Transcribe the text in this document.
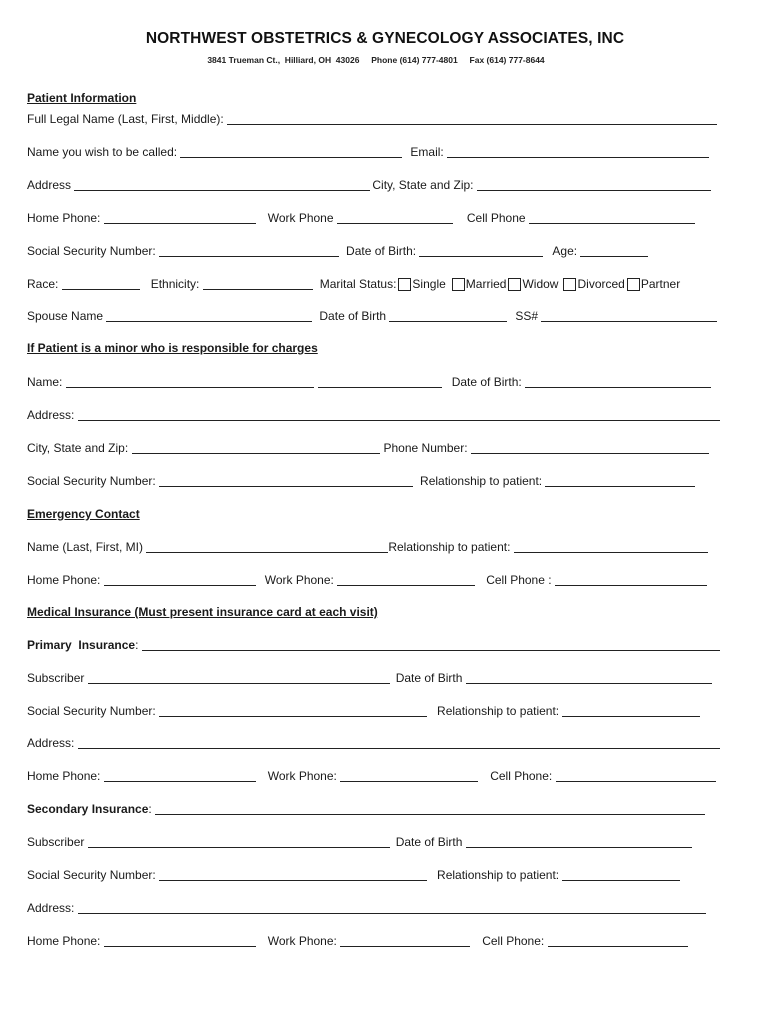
NORTHWEST OBSTETRICS & GYNECOLOGY ASSOCIATES, INC
3841 Trueman Ct.,  Hilliard, OH  43026     Phone (614) 777-4801     Fax (614) 777-8644
Patient Information
Full Legal Name (Last, First, Middle):
Name you wish to be called:	Email:
Address	City, State and Zip:
Home Phone:	Work Phone	Cell Phone
Social Security Number:	Date of Birth:	Age:
Race:	Ethnicity:	Marital Status: Single Married Widow Divorced Partner
Spouse Name	Date of Birth	SS#
If Patient is a minor who is responsible for charges
Name:	Date of Birth:
Address:
City, State and Zip:	Phone Number:
Social Security Number:	Relationship to patient:
Emergency Contact
Name (Last, First, MI)	Relationship to patient:
Home Phone:	Work Phone:	Cell Phone :
Medical Insurance (Must present insurance card at each visit)
Primary  Insurance :
Subscriber	Date of Birth
Social Security Number:	Relationship to patient:
Address:
Home Phone:	Work Phone:	Cell Phone:
Secondary Insurance :
Subscriber	Date of Birth
Social Security Number:	Relationship to patient:
Address:
Home Phone:	Work Phone:	Cell Phone:
